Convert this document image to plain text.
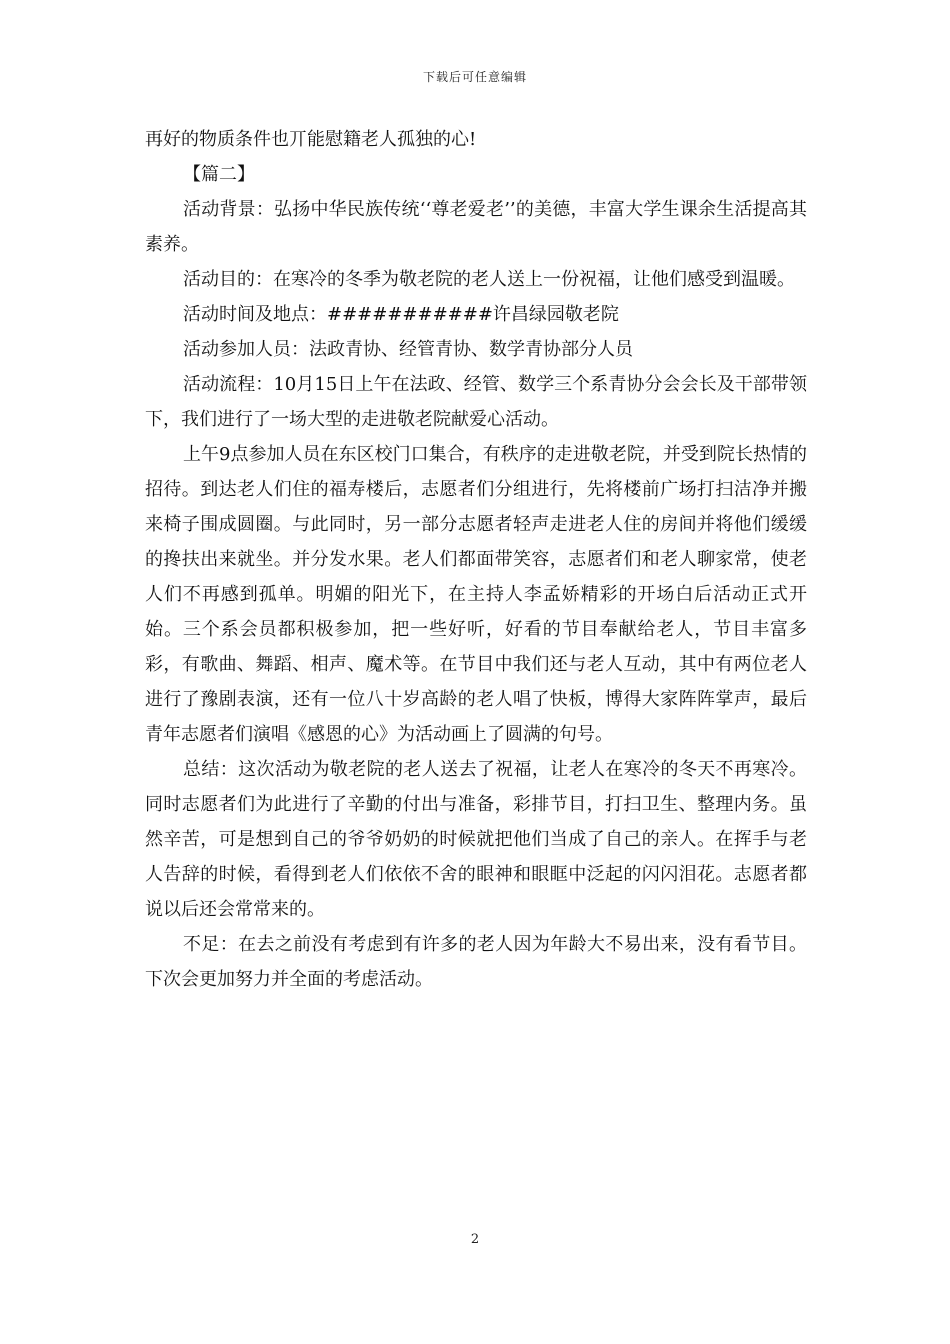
下载后可任意编辑

再好的物质条件也丌能慰籍老人孤独的心!

【篇二】

活动背景：弘扬中华民族传统‘‘尊老爱老’’的美德，丰富大学生课余生活提高其素养。

活动目的：在寒冷的冬季为敬老院的老人送上一份祝福，让他们感受到温暖。

活动时间及地点：###########许昌绿园敬老院

活动参加人员：法政青协、经管青协、数学青协部分人员

活动流程：10月15日上午在法政、经管、数学三个系青协分会会长及干部带领下，我们进行了一场大型的走进敬老院献爱心活动。

上午9点参加人员在东区校门口集合，有秩序的走进敬老院，并受到院长热情的招待。到达老人们住的福寿楼后，志愿者们分组进行，先将楼前广场打扫洁净并搬来椅子围成圆圈。与此同时，另一部分志愿者轻声走进老人住的房间并将他们缓缓的搀扶出来就坐。并分发水果。老人们都面带笑容，志愿者们和老人聊家常，使老人们不再感到孤单。明媚的阳光下，在主持人李孟娇精彩的开场白后活动正式开始。三个系会员都积极参加，把一些好听，好看的节目奉献给老人，节目丰富多彩，有歌曲、舞蹈、相声、魔术等。在节目中我们还与老人互动，其中有两位老人进行了豫剧表演，还有一位八十岁高龄的老人唱了快板，博得大家阵阵掌声，最后青年志愿者们演唱《感恩的心》为活动画上了圆满的句号。

总结：这次活动为敬老院的老人送去了祝福，让老人在寒冷的冬天不再寒冷。同时志愿者们为此进行了辛勤的付出与准备，彩排节目，打扫卫生、整理内务。虽然辛苦，可是想到自己的爷爷奶奶的时候就把他们当成了自己的亲人。在挥手与老人告辞的时候，看得到老人们依依不舍的眼神和眼眶中泛起的闪闪泪花。志愿者都说以后还会常常来的。

不足：在去之前没有考虑到有许多的老人因为年龄大不易出来，没有看节目。下次会更加努力并全面的考虑活动。

2
